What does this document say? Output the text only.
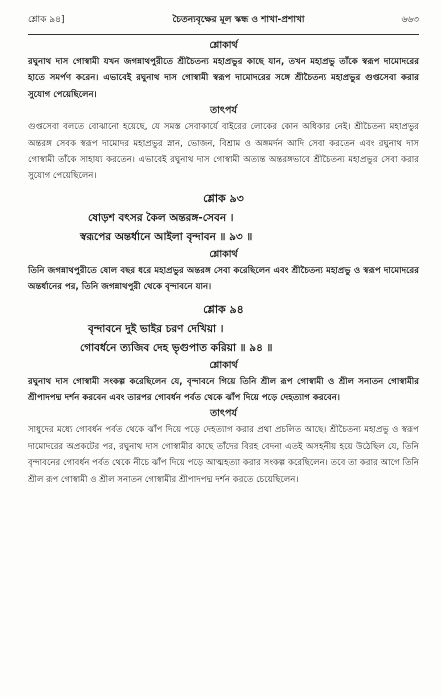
শ্লোক ৯৪]	চৈতন্যবৃক্ষের মূল স্কন্ধ ও শাখা-প্রশাখা	৬৬৩
শ্লোকার্থ

রঘুনাথ দাস গোস্বামী যখন জগন্নাথপুরীতে শ্রীচৈতন্য মহাপ্রভুর কাছে যান, তখন মহাপ্রভু তাঁকে স্বরূপ দামোদরের হাতে সমর্পণ করেন। এভাবেই রঘুনাথ দাস গোস্বামী স্বরূপ দামোদরের সঙ্গে শ্রীচৈতন্য মহাপ্রভুর গুপ্তসেবা করার সুযোগ পেয়েছিলেন।

তাৎপর্য

গুপ্তসেবা বলতে বোঝানো হয়েছে, যে সমস্ত সেবাকার্যে বাইরের লোকের কোন অধিকার নেই। শ্রীচৈতন্য মহাপ্রভুর অন্তরঙ্গ সেবক স্বরূপ দামোদর মহাপ্রভুর স্নান, ভোজন, বিশ্রাম ও অঙ্গমর্দন আদি সেবা করতেন এবং রঘুনাথ দাস গোস্বামী তাঁকে সাহায্য করতেন। এভাবেই রঘুনাথ দাস গোস্বামী অত্যন্ত অন্তরঙ্গভাবে শ্রীচৈতন্য মহাপ্রভুর সেবা করার সুযোগ পেয়েছিলেন।

শ্লোক ৯৩
ষোড়শ বৎসর কৈল অন্তরঙ্গ-সেবন ।
স্বরূপের অন্তর্ধানে আইলা বৃন্দাবন ॥ ৯৩ ॥
শ্লোকার্থ

তিনি জগন্নাথপুরীতে ষোল বছর ধরে মহাপ্রভুর অন্তরঙ্গ সেবা করেছিলেন এবং শ্রীচৈতন্য মহাপ্রভু ও স্বরূপ দামোদরের অন্তর্ধানের পর, তিনি জগন্নাথপুরী থেকে বৃন্দাবনে যান।

শ্লোক ৯৪
বৃন্দাবনে দুই ভাইর চরণ দেখিয়া ।
গোবর্ধনে ত্যজিব দেহ ভৃগুপাত করিয়া ॥ ৯৪ ॥
শ্লোকার্থ

রঘুনাথ দাস গোস্বামী সংকল্প করেছিলেন যে, বৃন্দাবনে গিয়ে তিনি শ্রীল রূপ গোস্বামী ও শ্রীল সনাতন গোস্বামীর শ্রীপাদপদ্ম দর্শন করবেন এবং তারপর গোবর্ধন পর্বত থেকে ঝাঁপ দিয়ে পড়ে দেহত্যাগ করবেন।

তাৎপর্য

সাধুদের মধ্যে গোবর্ধন পর্বত থেকে ঝাঁপ দিয়ে পড়ে দেহত্যাগ করার প্রথা প্রচলিত আছে। শ্রীচৈতন্য মহাপ্রভু ও স্বরূপ দামোদরের অপ্রকটের পর, রঘুনাথ দাস গোস্বামীর কাছে তাঁদের বিরহ বেদনা এতই অসহনীয় হয়ে উঠেছিল যে, তিনি বৃন্দাবনের গোবর্ধন পর্বত থেকে নীচে ঝাঁপ দিয়ে পড়ে আত্মহত্যা করার সংকল্প করেছিলেন। তবে তা করার আগে তিনি শ্রীল রূপ গোস্বামী ও শ্রীল সনাতন গোস্বামীর শ্রীপাদপদ্ম দর্শন করতে চেয়েছিলেন।
